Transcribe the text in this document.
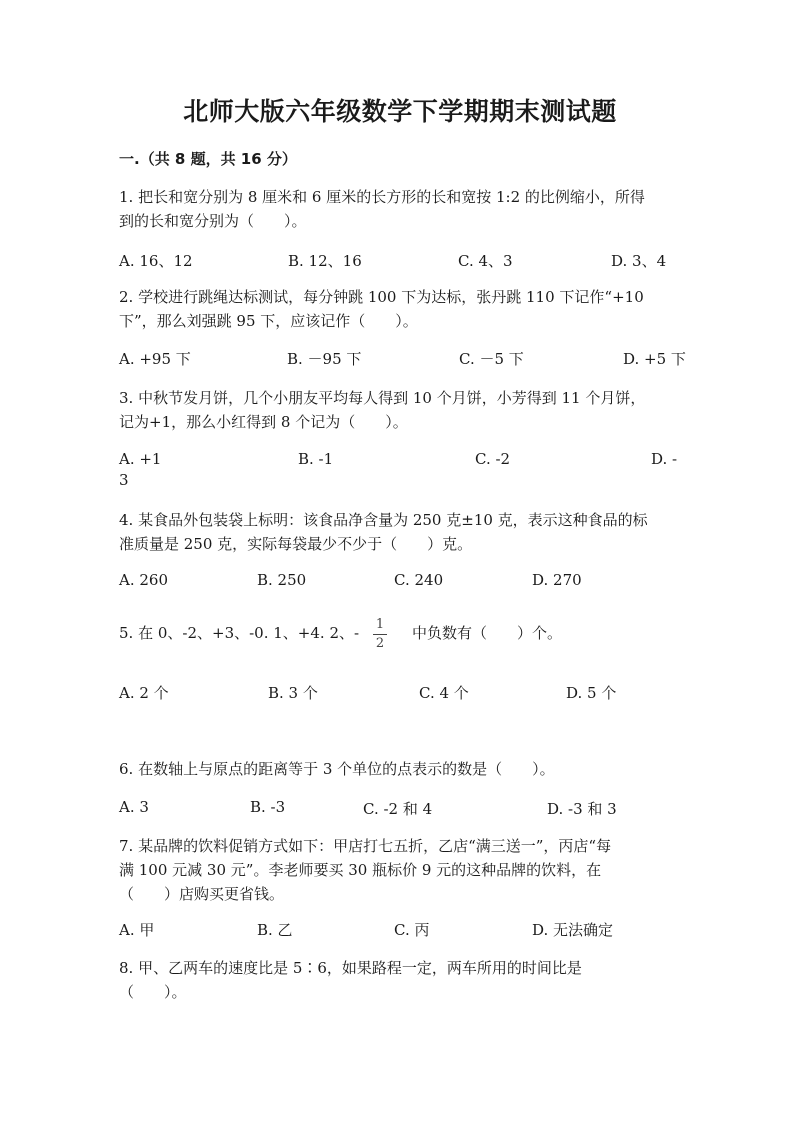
北师大版六年级数学下学期期末测试题
一.（共 8 题，共 16 分）
1. 把长和宽分别为 8 厘米和 6 厘米的长方形的长和宽按 1:2 的比例缩小，所得
到的长和宽分别为（　　）。
A. 16、12	B. 12、16	C. 4、3	D. 3、4
2. 学校进行跳绳达标测试，每分钟跳 100 下为达标，张丹跳 110 下记作“+10
下”，那么刘强跳 95 下，应该记作（　　）。
A. +95 下	B. －95 下	C. －5 下	D. +5 下
3. 中秋节发月饼，几个小朋友平均每人得到 10 个月饼，小芳得到 11 个月饼，
记为+1，那么小红得到 8 个记为（　　）。
A. +1	B. -1	C. -2	D. -
3
4. 某食品外包装袋上标明：该食品净含量为 250 克±10 克，表示这种食品的标
准质量是 250 克，实际每袋最少不少于（　　）克。
A. 260	B. 250	C. 240	D. 270
5. 在 0、-2、+3、-0. 1、+4. 2、- 1
2
中负数有（　　）个。
A. 2 个	B. 3 个	C. 4 个	D. 5 个
6. 在数轴上与原点的距离等于 3 个单位的点表示的数是（　　）。
A. 3	B. -3	C. -2 和 4	D. -3 和 3
7. 某品牌的饮料促销方式如下：甲店打七五折，乙店“满三送一”，丙店“每
满 100 元减 30 元”。李老师要买 30 瓶标价 9 元的这种品牌的饮料，在
（　　）店购买更省钱。
A. 甲	B. 乙	C. 丙	D. 无法确定
8. 甲、乙两车的速度比是 5∶6，如果路程一定，两车所用的时间比是
（　　）。
